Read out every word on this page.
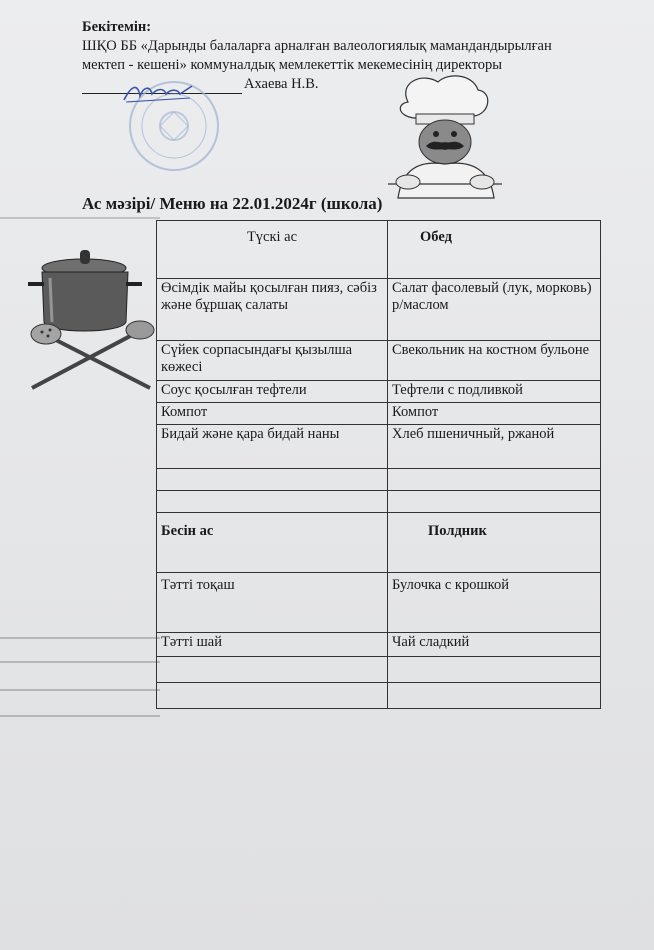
Бекітемін:
ШҚО ББ «Дарынды балаларға арналған валеологиялық мамандандырылған
мектеп - кешені» коммуналдық мемлекеттік мекемесінің директоры
Ахаева Н.В.
Ас мәзірі/ Меню на 22.01.2024г (школа)
Түскі ас	Обед
Өсімдік майы қосылған пияз, сәбіз және бұршақ салаты	Салат фасолевый (лук, морковь) р/маслом
Сүйек сорпасындағы қызылша көжесі	Свекольник на костном бульоне
Соус қосылған тефтели	Тефтели с подливкой
Компот	Компот
Бидай және қара бидай наны	Хлеб пшеничный, ржаной

Бесін ас	Полдник
Тәтті тоқаш	Булочка с крошкой
Тәтті шай	Чай сладкий
